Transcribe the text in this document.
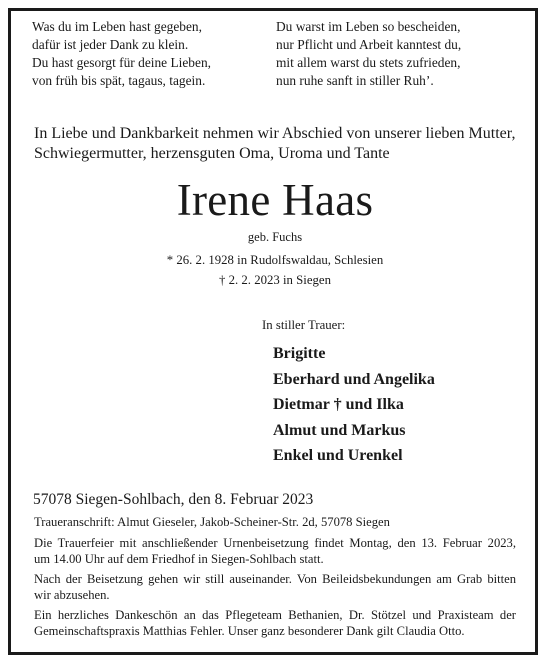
Was du im Leben hast gegeben,
dafür ist jeder Dank zu klein.
Du hast gesorgt für deine Lieben,
von früh bis spät, tagaus, tagein.
Du warst im Leben so bescheiden,
nur Pflicht und Arbeit kanntest du,
mit allem warst du stets zufrieden,
nun ruhe sanft in stiller Ruh’.
In Liebe und Dankbarkeit nehmen wir Abschied von unserer lieben Mutter,
Schwiegermutter, herzensguten Oma, Uroma und Tante
Irene Haas
geb. Fuchs
* 26. 2. 1928 in Rudolfswaldau, Schlesien
† 2. 2. 2023 in Siegen
In stiller Trauer:
Brigitte
Eberhard und Angelika
Dietmar † und Ilka
Almut und Markus
Enkel und Urenkel
57078 Siegen-Sohlbach, den 8. Februar 2023
Traueranschrift: Almut Gieseler, Jakob-Scheiner-Str. 2d, 57078 Siegen
Die Trauerfeier mit anschließender Urnenbeisetzung findet Montag, den 13. Februar 2023,
um 14.00 Uhr auf dem Friedhof in Siegen-Sohlbach statt.
Nach der Beisetzung gehen wir still auseinander. Von Beileidsbekundungen am Grab bitten
wir abzusehen.
Ein herzliches Dankeschön an das Pflegeteam Bethanien, Dr. Stötzel und Praxisteam der
Gemeinschaftspraxis Matthias Fehler. Unser ganz besonderer Dank gilt Claudia Otto.
